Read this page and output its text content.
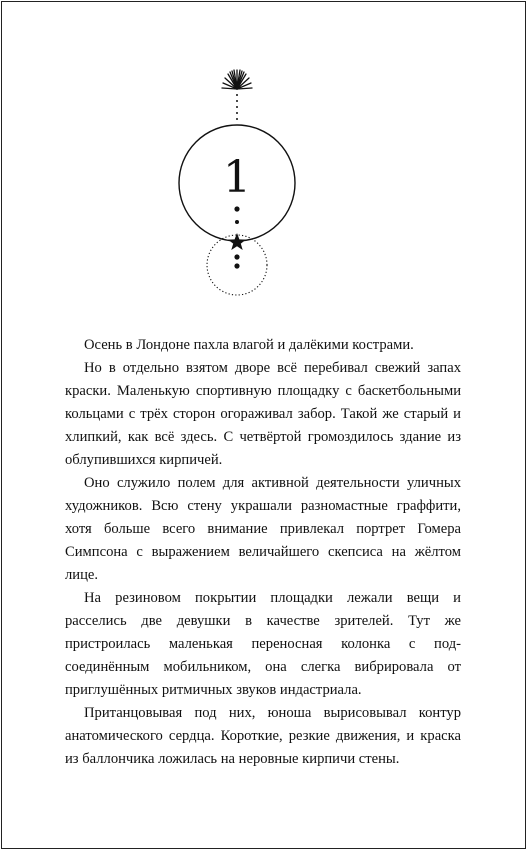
1

Осень в Лондоне пахла влагой и далёкими кострами.

Но в отдельно взятом дворе всё перебивал свежий запах краски. Маленькую спортивную площадку с баскетбольными кольцами с трёх сторон огораживал забор. Такой же старый и хлипкий, как всё здесь. С четвёртой громоздилось здание из облупившихся кирпичей.

Оно служило полем для активной деятельности уличных художников. Всю стену украшали разномастные граффити, хотя больше всего внимание привлекал портрет Гомера Симпсона с выражением величайшего скепсиса на жёлтом лице.

На резиновом покрытии площадки лежали вещи и расселись две девушки в качестве зрителей. Тут же пристроилась маленькая переносная колонка с подсоединённым мобильником, она слегка вибрировала от приглушённых ритмичных звуков индастриала.

Пританцовывая под них, юноша вырисовывал контур анатомического сердца. Короткие, резкие движения, и краска из баллончика ложилась на неровные кирпичи стены.
